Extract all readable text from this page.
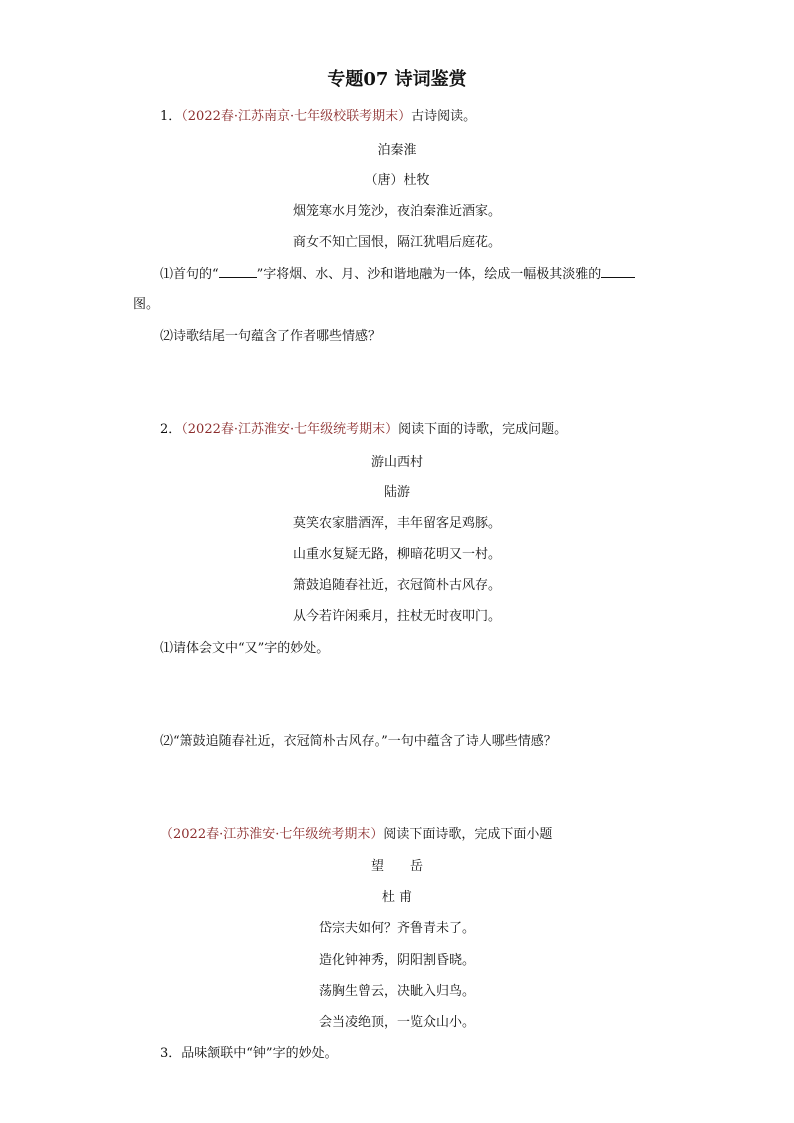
专题07 诗词鉴赏
1．（2022春·江苏南京·七年级校联考期末）古诗阅读。
泊秦淮
（唐）杜牧
烟笼寒水月笼沙，夜泊秦淮近酒家。
商女不知亡国恨，隔江犹唱后庭花。
⑴首句的“	”字将烟、水、月、沙和谐地融为一体，绘成一幅极其淡雅的
图。
⑵诗歌结尾一句蕴含了作者哪些情感？
2．（2022春·江苏淮安·七年级统考期末）阅读下面的诗歌，完成问题。
游山西村
陆游
莫笑农家腊酒浑，丰年留客足鸡豚。
山重水复疑无路，柳暗花明又一村。
箫鼓追随春社近，衣冠简朴古风存。
从今若许闲乘月，拄杖无时夜叩门。
⑴请体会文中“又”字的妙处。
⑵“箫鼓追随春社近，衣冠简朴古风存。”一句中蕴含了诗人哪些情感？
（2022春·江苏淮安·七年级统考期末）阅读下面诗歌，完成下面小题
望　　岳
杜 甫
岱宗夫如何？齐鲁青未了。
造化钟神秀，阴阳割昏晓。
荡胸生曾云，决眦入归鸟。
会当凌绝顶，一览众山小。
3．品味颔联中“钟”字的妙处。
